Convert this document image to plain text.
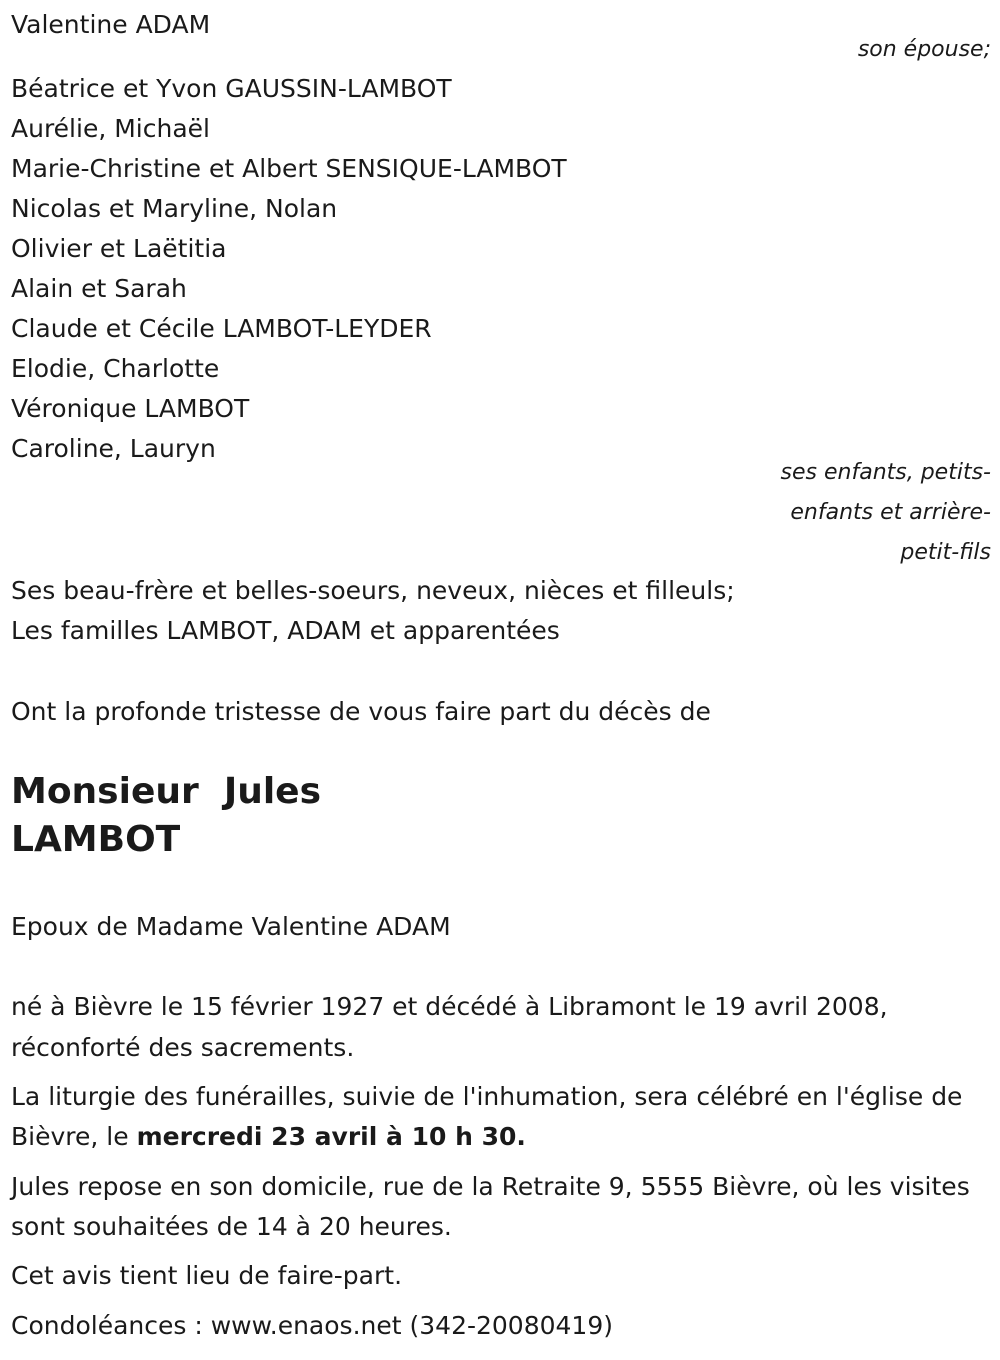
Valentine ADAM
son épouse;
Béatrice et Yvon GAUSSIN-LAMBOT
Aurélie, Michaël
Marie-Christine et Albert SENSIQUE-LAMBOT
Nicolas et Maryline, Nolan
Olivier et Laëtitia
Alain et Sarah
Claude et Cécile LAMBOT-LEYDER
Elodie, Charlotte
Véronique LAMBOT
Caroline, Lauryn
ses enfants, petits-
enfants et arrière-
petit-fils
Ses beau-frère et belles-soeurs, neveux, nièces et filleuls;
Les familles LAMBOT, ADAM et apparentées
Ont la profonde tristesse de vous faire part du décès de
Monsieur  Jules
LAMBOT
Epoux de Madame Valentine ADAM
né à Bièvre le 15 février 1927 et décédé à Libramont le 19 avril 2008,
réconforté des sacrements.
La liturgie des funérailles, suivie de l'inhumation, sera célébré en l'église de Bièvre, le mercredi 23 avril à 10 h 30.
Jules repose en son domicile, rue de la Retraite 9, 5555 Bièvre, où les visites sont souhaitées de 14 à 20 heures.
Cet avis tient lieu de faire-part.
Condoléances : www.enaos.net (342-20080419)
